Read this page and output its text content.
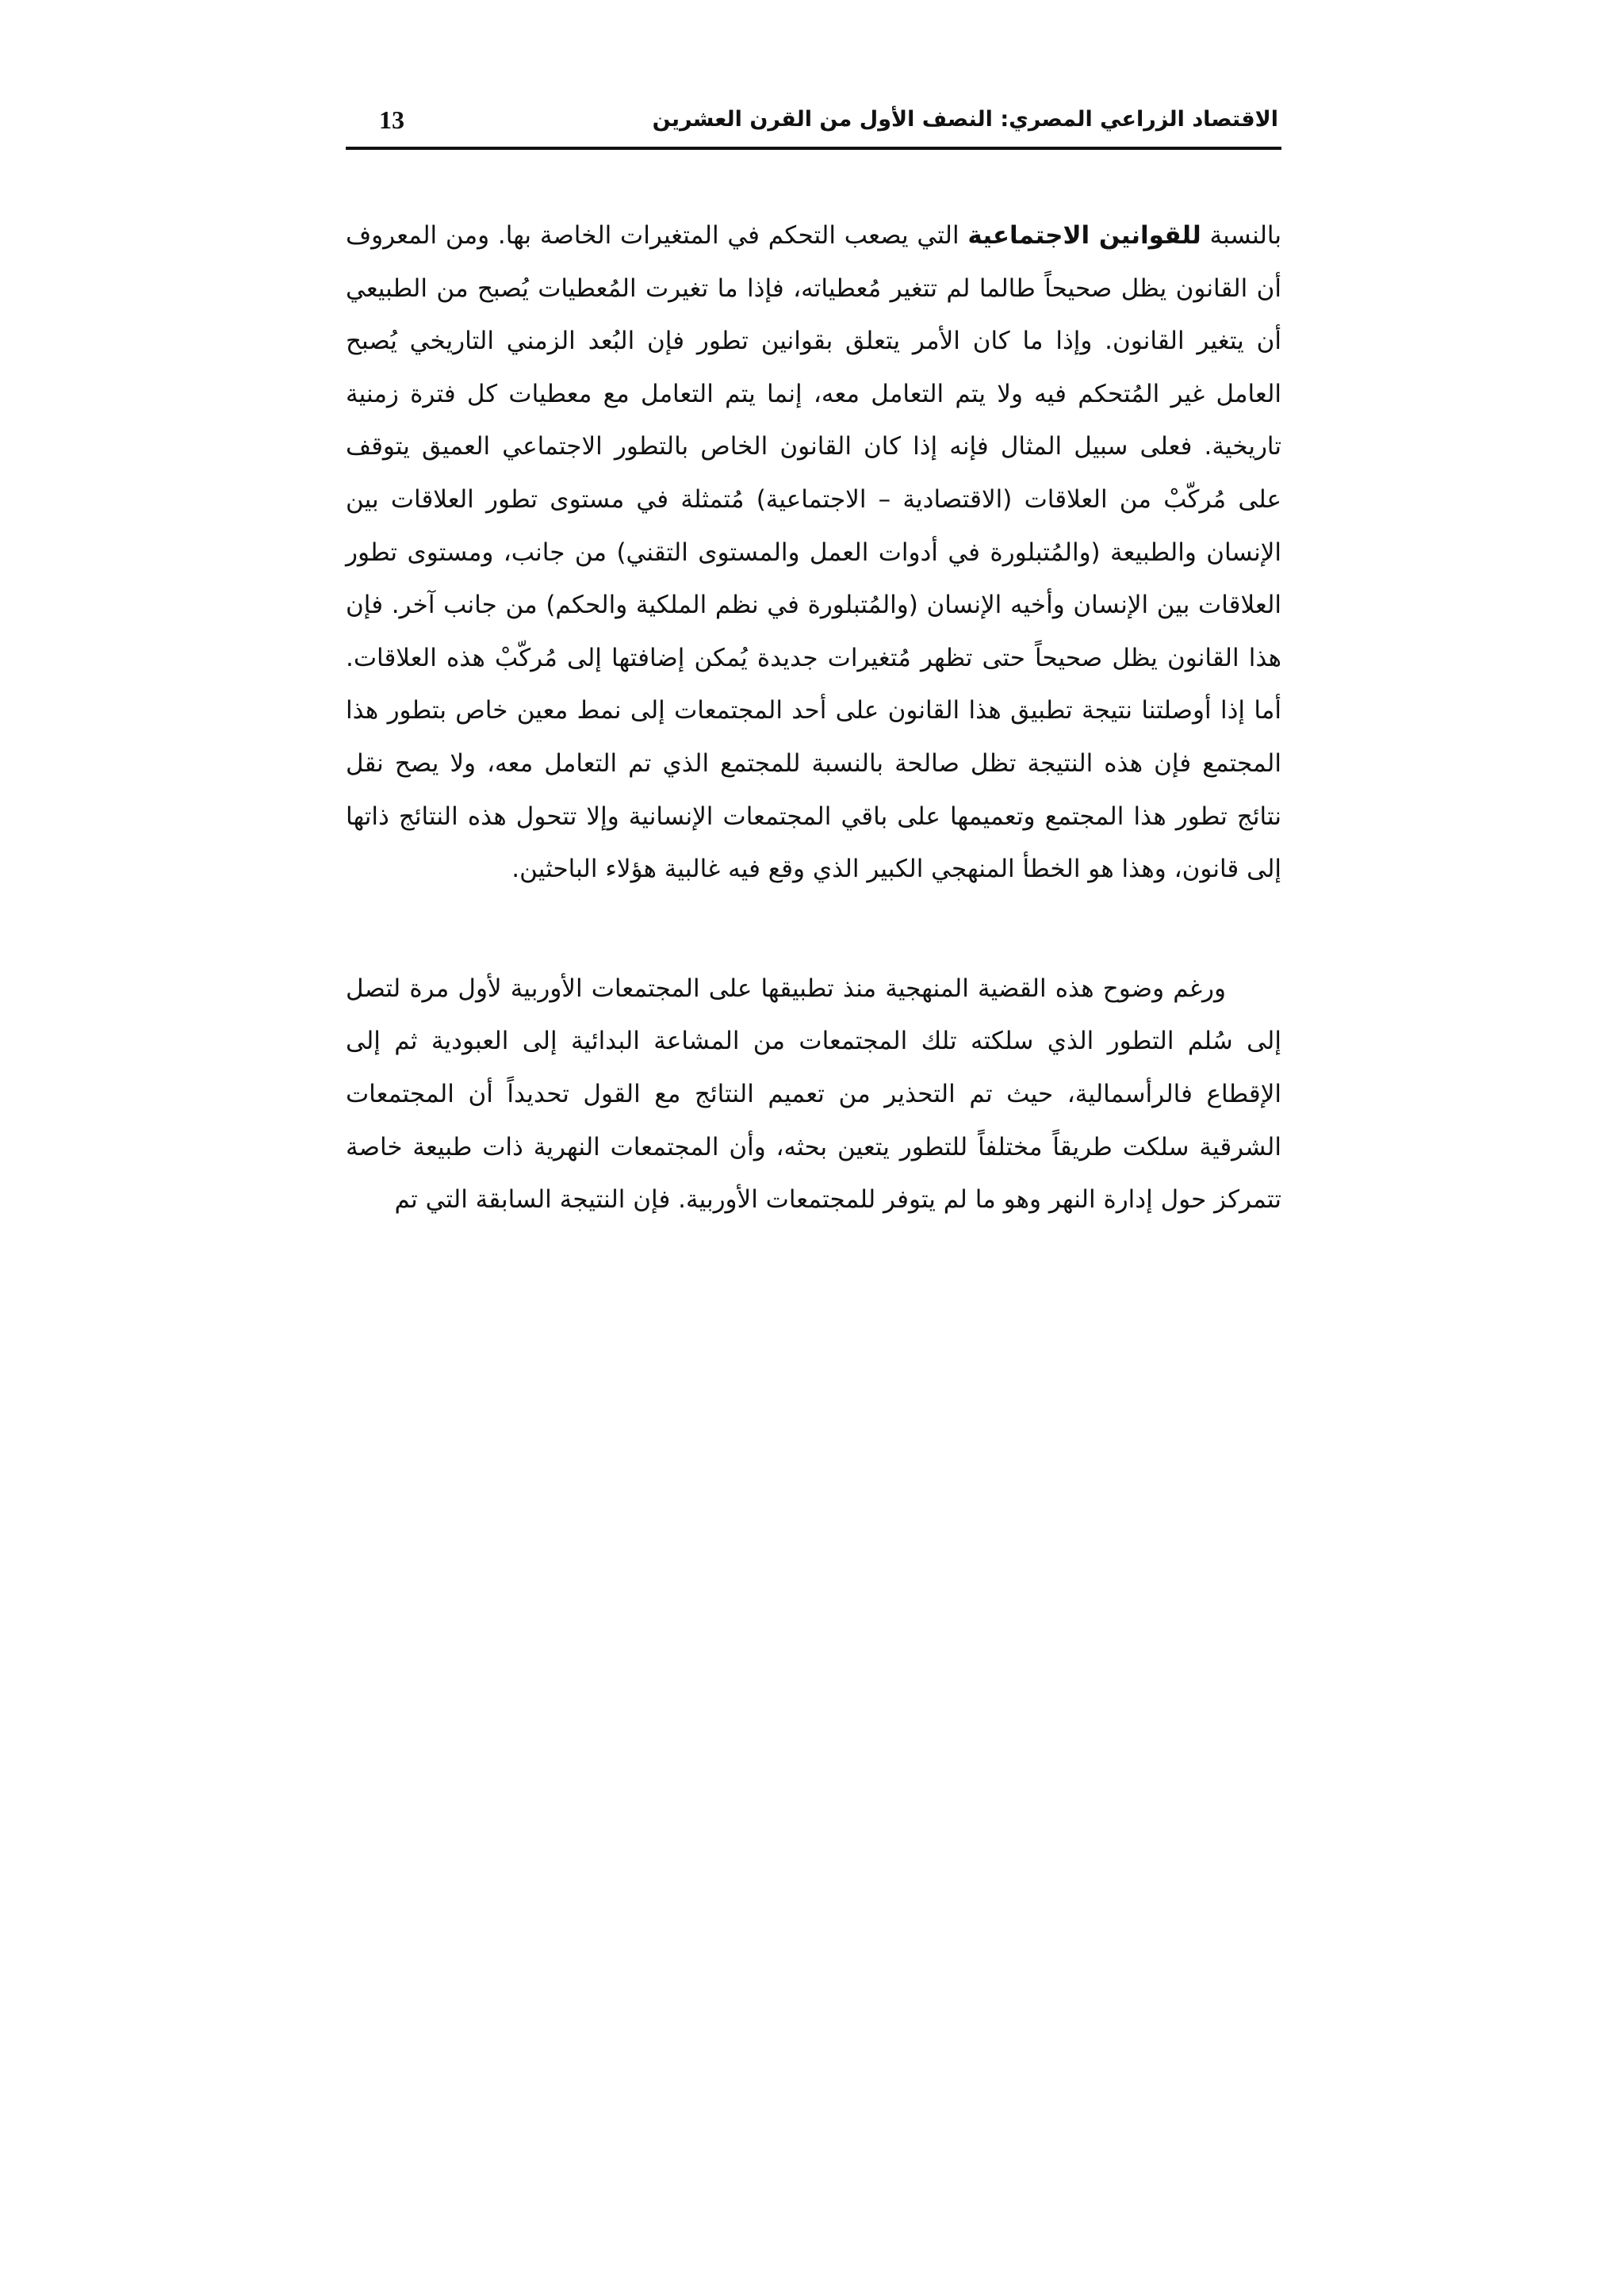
الاقتصاد الزراعي المصري: النصف الأول من القرن العشرين
13

بالنسبة للقوانين الاجتماعية التي يصعب التحكم في المتغيرات الخاصة بها. ومن المعروف أن القانون يظل صحيحاً طالما لم تتغير مُعطياته، فإذا ما تغيرت المُعطيات يُصبح من الطبيعي أن يتغير القانون. وإذا ما كان الأمر يتعلق بقوانين تطور فإن البُعد الزمني التاريخي يُصبح العامل غير المُتحكم فيه ولا يتم التعامل معه، إنما يتم التعامل مع معطيات كل فترة زمنية تاريخية. فعلى سبيل المثال فإنه إذا كان القانون الخاص بالتطور الاجتماعي العميق يتوقف على مُركّبْ من العلاقات (الاقتصادية – الاجتماعية) مُتمثلة في مستوى تطور العلاقات بين الإنسان والطبيعة (والمُتبلورة في أدوات العمل والمستوى التقني) من جانب، ومستوى تطور العلاقات بين الإنسان وأخيه الإنسان (والمُتبلورة في نظم الملكية والحكم) من جانب آخر. فإن هذا القانون يظل صحيحاً حتى تظهر مُتغيرات جديدة يُمكن إضافتها إلى مُركّبْ هذه العلاقات. أما إذا أوصلتنا نتيجة تطبيق هذا القانون على أحد المجتمعات إلى نمط معين خاص بتطور هذا المجتمع فإن هذه النتيجة تظل صالحة بالنسبة للمجتمع الذي تم التعامل معه، ولا يصح نقل نتائج تطور هذا المجتمع وتعميمها على باقي المجتمعات الإنسانية وإلا تتحول هذه النتائج ذاتها إلى قانون، وهذا هو الخطأ المنهجي الكبير الذي وقع فيه غالبية هؤلاء الباحثين.

ورغم وضوح هذه القضية المنهجية منذ تطبيقها على المجتمعات الأوربية لأول مرة لتصل إلى سُلم التطور الذي سلكته تلك المجتمعات من المشاعة البدائية إلى العبودية ثم إلى الإقطاع فالرأسمالية، حيث تم التحذير من تعميم النتائج مع القول تحديداً أن المجتمعات الشرقية سلكت طريقاً مختلفاً للتطور يتعين بحثه، وأن المجتمعات النهرية ذات طبيعة خاصة تتمركز حول إدارة النهر وهو ما لم يتوفر للمجتمعات الأوربية. فإن النتيجة السابقة التي تم
